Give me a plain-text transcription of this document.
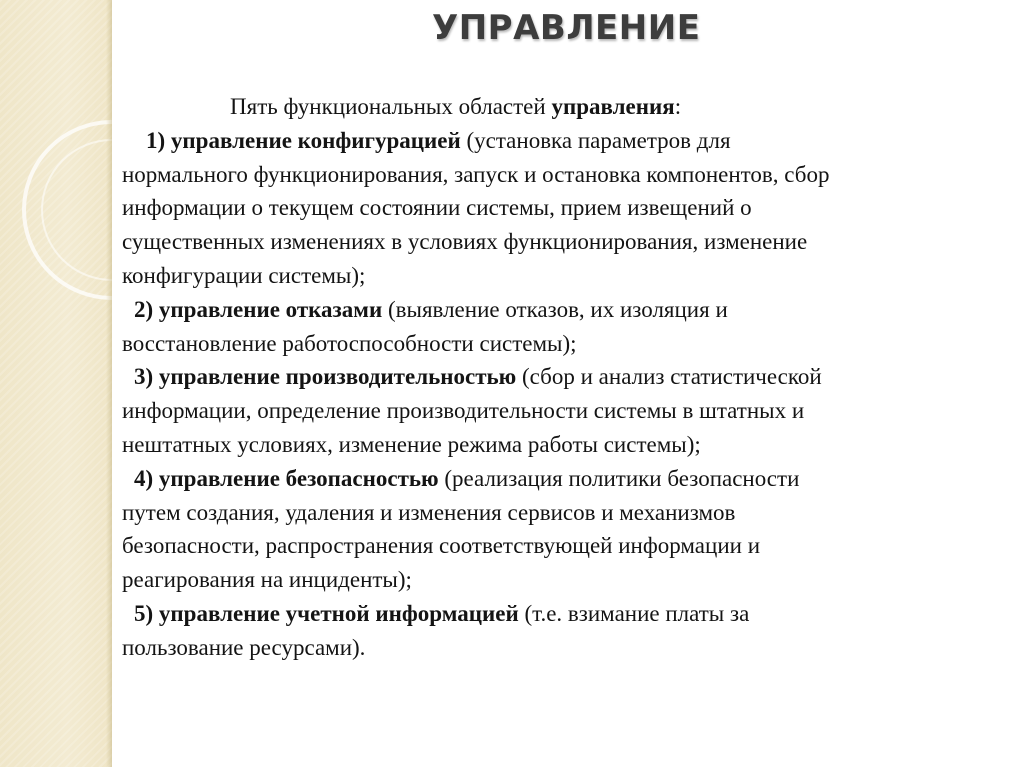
УПРАВЛЕНИЕ

Пять функциональных областей управления:

1) управление конфигурацией (установка параметров для

нормального функционирования, запуск и остановка компонентов, сбор

информации о текущем состоянии системы, прием извещений о

существенных изменениях в условиях функционирования, изменение

конфигурации системы);

2) управление отказами (выявление отказов, их изоляция и

восстановление работоспособности системы);

3) управление производительностью (сбор и анализ статистической

информации, определение производительности системы в штатных и

нештатных условиях, изменение режима работы системы);

4) управление безопасностью (реализация политики безопасности

путем создания, удаления и изменения сервисов и механизмов

безопасности, распространения соответствующей информации и

реагирования на инциденты);

5) управление учетной информацией (т.е. взимание платы за

пользование ресурсами).
